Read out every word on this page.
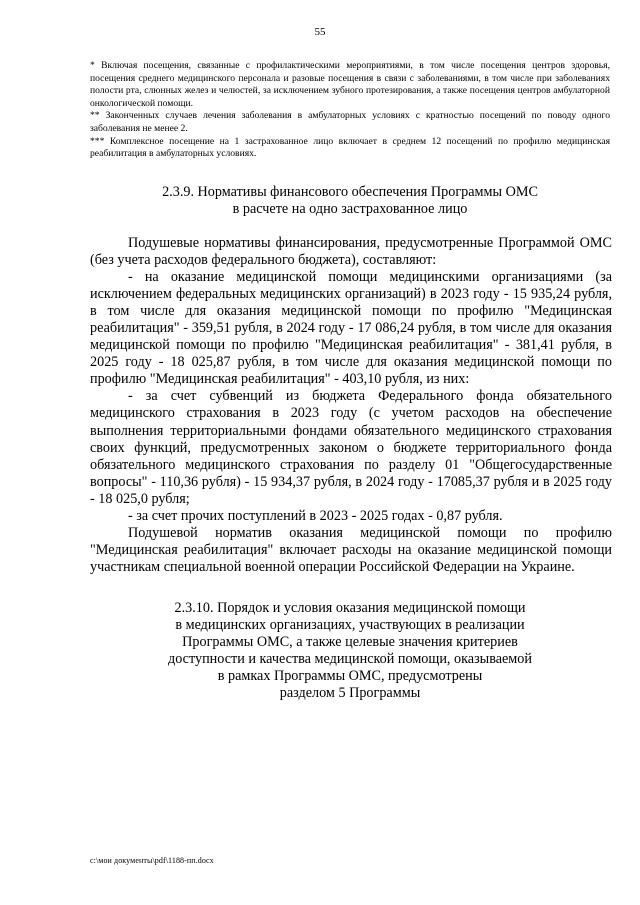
55

* Включая посещения, связанные с профилактическими мероприятиями, в том числе посещения центров здоровья, посещения среднего медицинского персонала и разовые посещения в связи с заболеваниями, в том числе при заболеваниях полости рта, слюнных желез и челюстей, за исключением зубного протезирования, а также посещения центров амбулаторной онкологической помощи.

** Законченных случаев лечения заболевания в амбулаторных условиях с кратностью посещений по поводу одного заболевания не менее 2.

*** Комплексное посещение на 1 застрахованное лицо включает в среднем 12 посещений по профилю медицинская реабилитация в амбулаторных условиях.

2.3.9. Нормативы финансового обеспечения Программы ОМС
в расчете на одно застрахованное лицо

Подушевые нормативы финансирования, предусмотренные Программой ОМС (без учета расходов федерального бюджета), составляют:

- на оказание медицинской помощи медицинскими организациями (за исключением федеральных медицинских организаций) в 2023 году - 15 935,24 рубля, в том числе для оказания медицинской помощи по профилю "Медицинская реабилитация" - 359,51 рубля, в 2024 году - 17 086,24 рубля, в том числе для оказания медицинской помощи по профилю "Медицинская реабилитация" - 381,41 рубля, в 2025 году - 18 025,87 рубля, в том числе для оказания медицинской помощи по профилю "Медицинская реабилитация" - 403,10 рубля, из них:

- за счет субвенций из бюджета Федерального фонда обязательного медицинского страхования в 2023 году (с учетом расходов на обеспечение выполнения территориальными фондами обязательного медицинского страхования своих функций, предусмотренных законом о бюджете территориального фонда обязательного медицинского страхования по разделу 01 "Общегосударственные вопросы" - 110,36 рубля) - 15 934,37 рубля, в 2024 году - 17085,37 рубля и в 2025 году - 18 025,0 рубля;

- за счет прочих поступлений в 2023 - 2025 годах - 0,87 рубля.

Подушевой норматив оказания медицинской помощи по профилю "Медицинская реабилитация" включает расходы на оказание медицинской помощи участникам специальной военной операции Российской Федерации на Украине.

2.3.10. Порядок и условия оказания медицинской помощи
в медицинских организациях, участвующих в реализации
Программы ОМС, а также целевые значения критериев
доступности и качества медицинской помощи, оказываемой
в рамках Программы ОМС, предусмотрены
разделом 5 Программы
c:\мои документы\pdf\1188-пп.docx
